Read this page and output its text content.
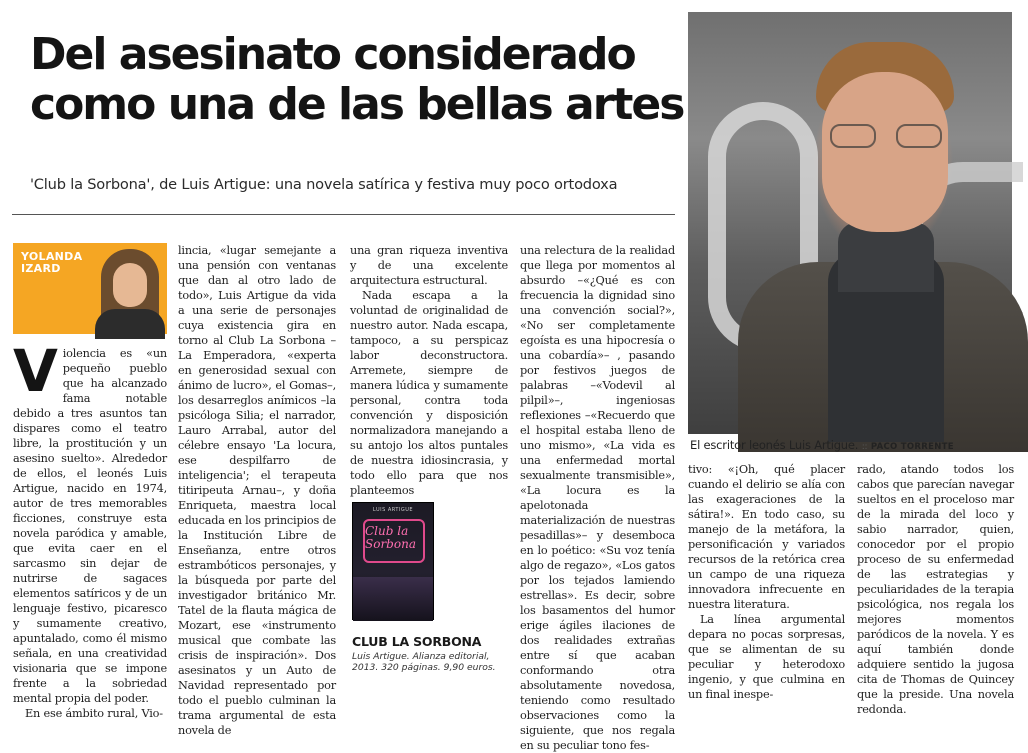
Del asesinato considerado
como una de las bellas artes
'Club la Sorbona', de Luis Artigue: una novela satírica y festiva muy poco ortodoxa
El escritor leonés Luis Artigue. :: PACO TORRENTE
YOLANDA
IZARD

Violencia es «un pequeño pueblo que ha alcanzado fama notable debido a tres asuntos tan dispares como el teatro libre, la prostitución y un asesino suelto». Alrededor de ellos, el leonés Luis Artigue, nacido en 1974, autor de tres memorables ficciones, construye esta novela paródica y amable, que evita caer en el sarcasmo sin dejar de nutrirse de sagaces elementos satíricos y de un lenguaje festivo, picaresco y sumamente creativo, apuntalado, como él mismo señala, en una creatividad visionaria que se impone frente a la sobriedad mental propia del poder.

En ese ámbito rural, Vio-

lincia, «lugar semejante a una pensión con ventanas que dan al otro lado de todo», Luis Artigue da vida a una serie de personajes cuya existencia gira en torno al Club La Sorbona –La Emperadora, «experta en generosidad sexual con ánimo de lucro», el Gomas–, los desarreglos anímicos –la psicóloga Silia; el narrador, Lauro Arrabal, autor del célebre ensayo 'La locura, ese despilfarro de inteligencia'; el terapeuta titiripeuta Arnau–, y doña Enriqueta, maestra local educada en los principios de la Institución Libre de Enseñanza, entre otros estrambóticos personajes, y la búsqueda por parte del investigador británico Mr. Tatel de la flauta mágica de Mozart, ese «instrumento musical que combate las crisis de inspiración». Dos asesinatos y un Auto de Navidad representado por todo el pueblo culminan la trama argumental de esta novela de

una gran riqueza inventiva y de una excelente arquitectura estructural.

Nada escapa a la voluntad de originalidad de nuestro autor. Nada escapa, tampoco, a su perspicaz labor deconstructora. Arremete, siempre de manera lúdica y sumamente personal, contra toda convención y disposición normalizadora manejando a su antojo los altos puntales de nuestra idiosincrasia, y todo ello para que nos planteemos

LUIS ARTIGUE
Club la Sorbona
CLUB LA SORBONA
Luis Artigue. Alianza editorial, 2013. 320 páginas. 9,90 euros.

una relectura de la realidad que llega por momentos al absurdo –«¿Qué es con frecuencia la dignidad sino una convención social?», «No ser completamente egoísta es una hipocresía o una cobardía»– , pasando por festivos juegos de palabras –«Vodevil al pilpil»–, ingeniosas reflexiones –«Recuerdo que el hospital estaba lleno de uno mismo», «La vida es una enfermedad mortal sexualmente transmisible», «La locura es la apelotonada materialización de nuestras pesadillas»– y desemboca en lo poético: «Su voz tenía algo de regazo», «Los gatos por los tejados lamiendo estrellas». Es decir, sobre los basamentos del humor erige ágiles ilaciones de dos realidades extrañas entre sí que acaban conformando otra absolutamente novedosa, teniendo como resultado observaciones como la siguiente, que nos regala en su peculiar tono fes-

tivo: «¡Oh, qué placer cuando el delirio se alía con las exageraciones de la sátira!». En todo caso, su manejo de la metáfora, la personificación y variados recursos de la retórica crea un campo de una riqueza innovadora infrecuente en nuestra literatura.

La línea argumental depara no pocas sorpresas, que se alimentan de su peculiar y heterodoxo ingenio, y que culmina en un final inespe-

rado, atando todos los cabos que parecían navegar sueltos en el proceloso mar de la mirada del loco y sabio narrador, quien, conocedor por el propio proceso de su enfermedad de las estrategias y peculiaridades de la terapia psicológica, nos regala los mejores momentos paródicos de la novela. Y es aquí también donde adquiere sentido la jugosa cita de Thomas de Quincey que la preside. Una novela redonda.
